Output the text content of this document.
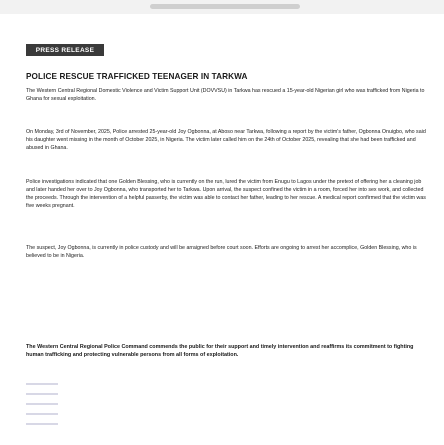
PRESS RELEASE
POLICE RESCUE TRAFFICKED TEENAGER IN TARKWA

The Western Central Regional Domestic Violence and Victim Support Unit (DOVVSU) in Tarkwa has rescued a 15-year-old Nigerian girl who was trafficked from Nigeria to Ghana for sexual exploitation.

On Monday, 3rd of November, 2025, Police arrested 25-year-old Joy Ogbonna, at Aboso near Tarkwa, following a report by the victim's father, Ogbonna Onuigbo, who said his daughter went missing in the month of October 2025, in Nigeria. The victim later called him on the 24th of October 2025, revealing that she had been trafficked and abused in Ghana.

Police investigations indicated that one Golden Blessing, who is currently on the run, lured the victim from Enugu to Lagos under the pretext of offering her a cleaning job and later handed her over to Joy Ogbonna, who transported her to Tarkwa. Upon arrival, the suspect confined the victim in a room, forced her into sex work, and collected the proceeds. Through the intervention of a helpful passerby, the victim was able to contact her father, leading to her rescue. A medical report confirmed that the victim was five weeks pregnant.

The suspect, Joy Ogbonna, is currently in police custody and will be arraigned before court soon. Efforts are ongoing to arrest her accomplice, Golden Blessing, who is believed to be in Nigeria.

The Western Central Regional Police Command commends the public for their support and timely intervention and reaffirms its commitment to fighting human trafficking and protecting vulnerable persons from all forms of exploitation.
